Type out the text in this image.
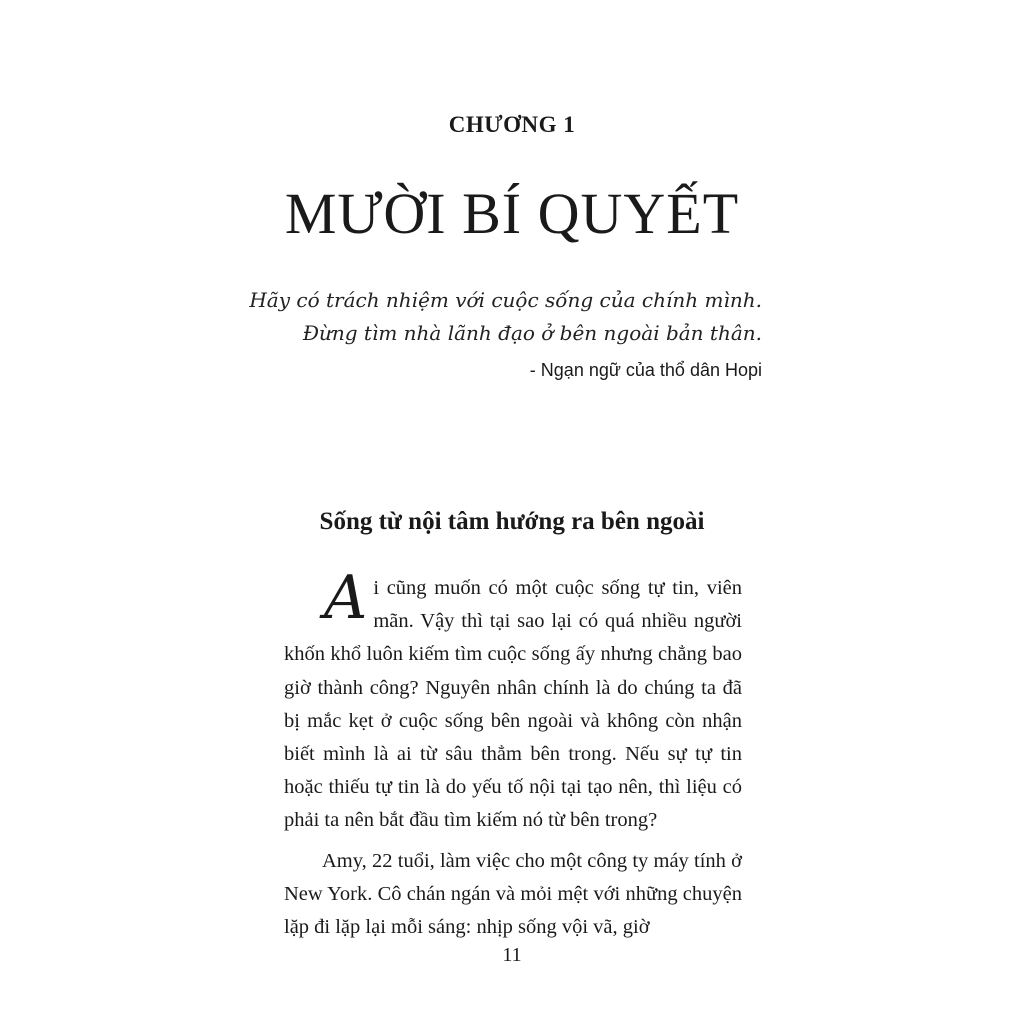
CHƯƠNG 1
MƯỜI BÍ QUYẾT
Hãy có trách nhiệm với cuộc sống của chính mình.
Đừng tìm nhà lãnh đạo ở bên ngoài bản thân.
- Ngạn ngữ của thổ dân Hopi
Sống từ nội tâm hướng ra bên ngoài

Ai cũng muốn có một cuộc sống tự tin, viên mãn. Vậy thì tại sao lại có quá nhiều người khốn khổ luôn kiếm tìm cuộc sống ấy nhưng chẳng bao giờ thành công? Nguyên nhân chính là do chúng ta đã bị mắc kẹt ở cuộc sống bên ngoài và không còn nhận biết mình là ai từ sâu thẳm bên trong. Nếu sự tự tin hoặc thiếu tự tin là do yếu tố nội tại tạo nên, thì liệu có phải ta nên bắt đầu tìm kiếm nó từ bên trong?

Amy, 22 tuổi, làm việc cho một công ty máy tính ở New York. Cô chán ngán và mỏi mệt với những chuyện lặp đi lặp lại mỗi sáng: nhịp sống vội vã, giờ

11
